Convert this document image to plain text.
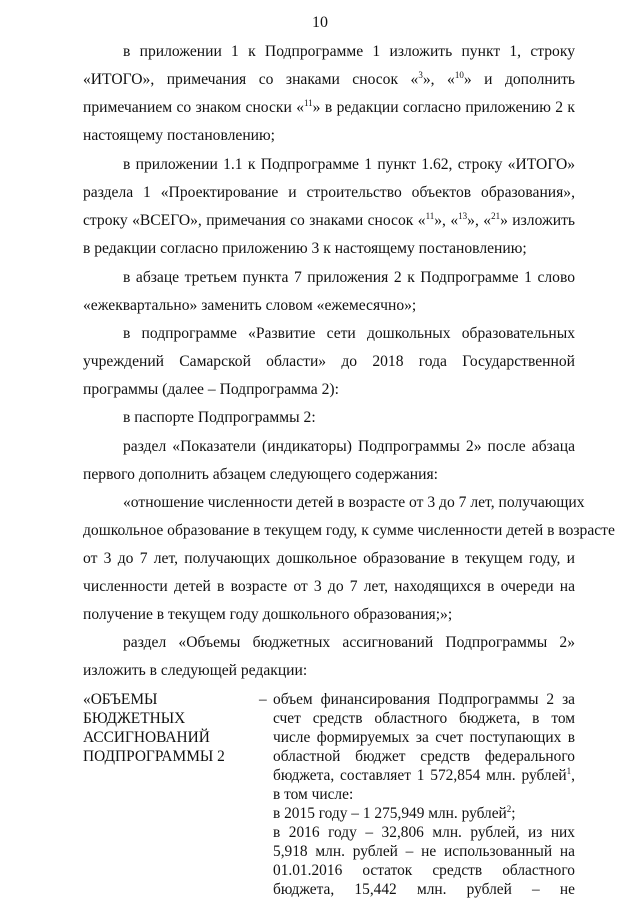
10
в приложении 1 к Подпрограмме 1 изложить пункт 1, строку
«ИТОГО», примечания со знаками сносок «$^3$», «$^{10}$» и дополнить
примечанием со знаком сноски «$^{11}$» в редакции согласно приложению 2 к
настоящему постановлению;
в приложении 1.1 к Подпрограмме 1 пункт 1.62, строку «ИТОГО»
раздела 1 «Проектирование и строительство объектов образования»,
строку «ВСЕГО», примечания со знаками сносок «$^{11}$», «$^{13}$», «$^{21}$» изложить
в редакции согласно приложению 3 к настоящему постановлению;
в абзаце третьем пункта 7 приложения 2 к Подпрограмме 1 слово
«ежеквартально» заменить словом «ежемесячно»;
в подпрограмме «Развитие сети дошкольных образовательных
учреждений Самарской области» до 2018 года Государственной
программы (далее – Подпрограмма 2):
в паспорте Подпрограммы 2:
раздел «Показатели (индикаторы) Подпрограммы 2» после абзаца
первого дополнить абзацем следующего содержания:
«отношение численности детей в возрасте от 3 до 7 лет, получающих
дошкольное образование в текущем году, к сумме численности детей в возрасте
от 3 до 7 лет, получающих дошкольное образование в текущем году, и
численности детей в возрасте от 3 до 7 лет, находящихся в очереди на
получение в текущем году дошкольного образования;»;
раздел «Объемы бюджетных ассигнований Подпрограммы 2»
изложить в следующей редакции:
«ОБЪЕМЫ
БЮДЖЕТНЫХ
АССИГНОВАНИЙ
ПОДПРОГРАММЫ 2
– объем финансирования Подпрограммы 2 за
счет средств областного бюджета, в том
числе формируемых за счет поступающих в
областной бюджет средств федерального
бюджета, составляет 1 572,854 млн. рублей$^1$,
в том числе:
в 2015 году – 1 275,949 млн. рублей$^2$;
в 2016 году – 32,806 млн. рублей, из них
5,918 млн. рублей – не использованный на
01.01.2016 остаток средств областного
бюджета, 15,442 млн. рублей – не
